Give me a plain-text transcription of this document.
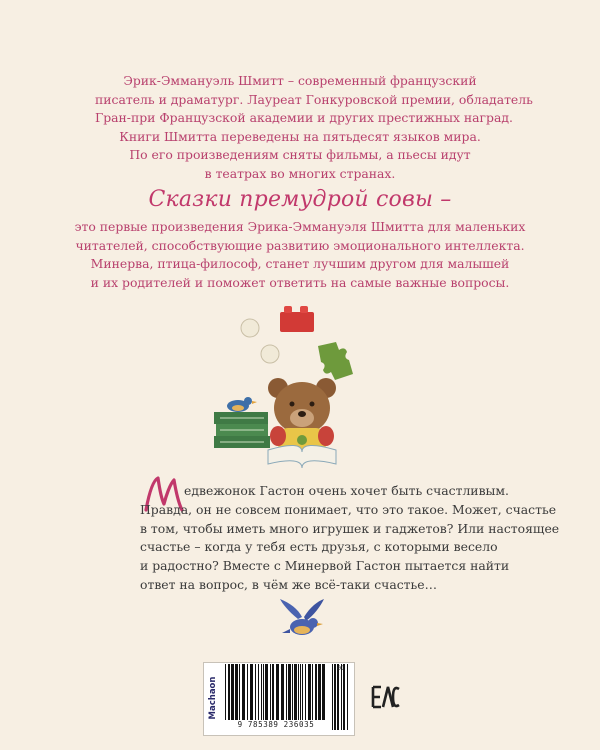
Эрик-Эммануэль Шмитт – современный французский
писатель и драматург. Лауреат Гонкуровской премии, обладатель
Гран-при Французской академии и других престижных наград.
Книги Шмитта переведены на пятьдесят языков мира.
По его произведениям сняты фильмы, а пьесы идут
в театрах во многих странах.
Сказки премудрой совы –
это первые произведения Эрика-Эммануэля Шмитта для маленьких
читателей, способствующие развитию эмоционального интеллекта.
Минерва, птица-философ, станет лучшим другом для малышей
и их родителей и поможет ответить на самые важные вопросы.
едвежонок Гастон очень хочет быть счастливым.
Правда, он не совсем понимает, что это такое. Может, счастье
в том, чтобы иметь много игрушек и гаджетов? Или настоящее
счастье – когда у тебя есть друзья, с которыми весело
и радостно? Вместе с Минервой Гастон пытается найти
ответ на вопрос, в чём же всё-таки счастье…
Machaon
9 785389 236035
01
